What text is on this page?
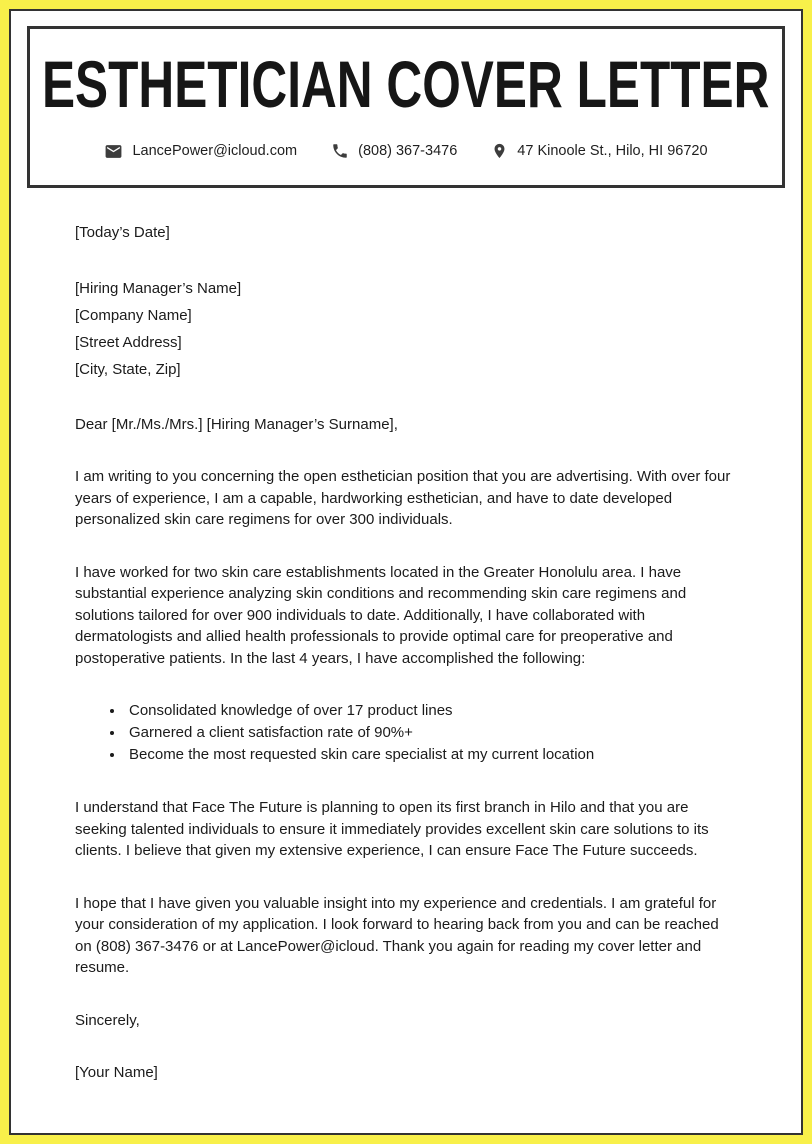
ESTHETICIAN COVER LETTER
LancePower@icloud.com	(808) 367-3476	47 Kinoole St., Hilo, HI 96720
[Today’s Date]
[Hiring Manager’s Name]
[Company Name]
[Street Address]
[City, State, Zip]
Dear [Mr./Ms./Mrs.] [Hiring Manager’s Surname],

I am writing to you concerning the open esthetician position that you are advertising. With over four years of experience, I am a capable, hardworking esthetician, and have to date developed personalized skin care regimens for over 300 individuals.

I have worked for two skin care establishments located in the Greater Honolulu area. I have substantial experience analyzing skin conditions and recommending skin care regimens and solutions tailored for over 900 individuals to date. Additionally, I have collaborated with dermatologists and allied health professionals to provide optimal care for preoperative and postoperative patients. In the last 4 years, I have accomplished the following:

• Consolidated knowledge of over 17 product lines
• Garnered a client satisfaction rate of 90%+
• Become the most requested skin care specialist at my current location

I understand that Face The Future is planning to open its first branch in Hilo and that you are seeking talented individuals to ensure it immediately provides excellent skin care solutions to its clients. I believe that given my extensive experience, I can ensure Face The Future succeeds.

I hope that I have given you valuable insight into my experience and credentials. I am grateful for your consideration of my application. I look forward to hearing back from you and can be reached on (808) 367-3476 or at LancePower@icloud. Thank you again for reading my cover letter and resume.

Sincerely,
[Your Name]
